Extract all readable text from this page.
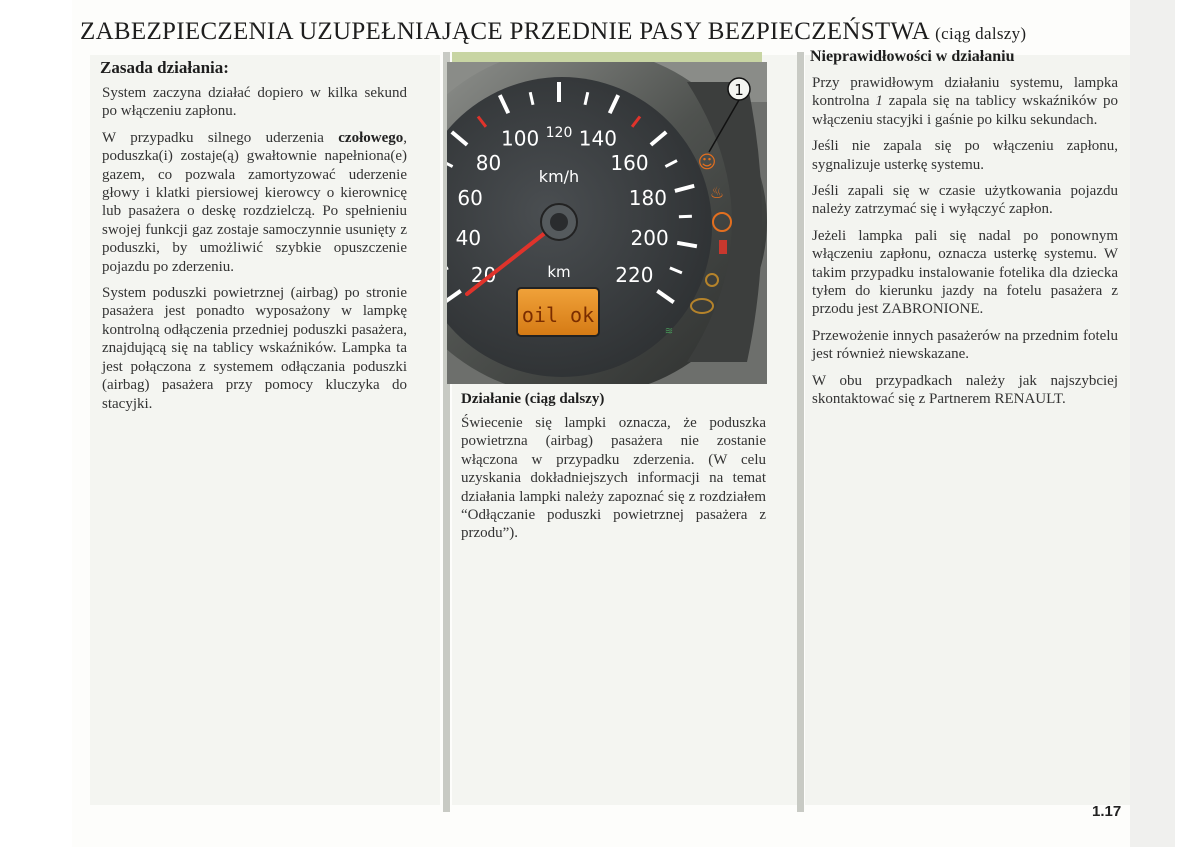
ZABEZPIECZENIA UZUPEŁNIAJĄCE PRZEDNIE PASY BEZPIECZEŃSTWA (ciąg dalszy)
Zasada działania:

System zaczyna działać dopiero w kilka sekund po włączeniu zapłonu.

W przypadku silnego uderzenia czołowego, poduszka(i) zostaje(ą) gwałtownie napełniona(e) gazem, co pozwala zamortyzować uderzenie głowy i klatki piersiowej kierowcy o kierownicę lub pasażera o deskę rozdzielczą. Po spełnieniu swojej funkcji gaz zostaje samoczynnie usunięty z poduszki, by umożliwić szybkie opuszczenie pojazdu po zderzeniu.

System poduszki powietrznej (airbag) po stronie pasażera jest ponadto wyposażony w lampkę kontrolną odłączenia przedniej poduszki pasażera, znajdującą się na tablicy wskaźników. Lampka ta jest połączona z systemem odłączania poduszki (airbag) pasażera przy pomocy kluczyka do stacyjki.

20
40
60
80
100 120 140
160
180
200
220
km/h
km
oil ok
☺
♨
≋
1
Działanie (ciąg dalszy)

Świecenie się lampki oznacza, że poduszka powietrzna (airbag) pasażera nie zostanie włączona w przypadku zderzenia. (W celu uzyskania dokładniejszych informacji na temat działania lampki należy zapoznać się z rozdziałem “Odłączanie poduszki powietrznej pasażera z przodu”).

Nieprawidłowości w działaniu

Przy prawidłowym działaniu systemu, lampka kontrolna 1 zapala się na tablicy wskaźników po włączeniu stacyjki i gaśnie po kilku sekundach.

Jeśli nie zapala się po włączeniu zapłonu, sygnalizuje usterkę systemu.

Jeśli zapali się w czasie użytkowania pojazdu należy zatrzymać się i wyłączyć zapłon.

Jeżeli lampka pali się nadal po ponownym włączeniu zapłonu, oznacza usterkę systemu. W takim przypadku instalowanie fotelika dla dziecka tyłem do kierunku jazdy na fotelu pasażera z przodu jest ZABRONIONE.

Przewożenie innych pasażerów na przednim fotelu jest również niewskazane.

W obu przypadkach należy jak najszybciej skontaktować się z Partnerem RENAULT.

1.17
